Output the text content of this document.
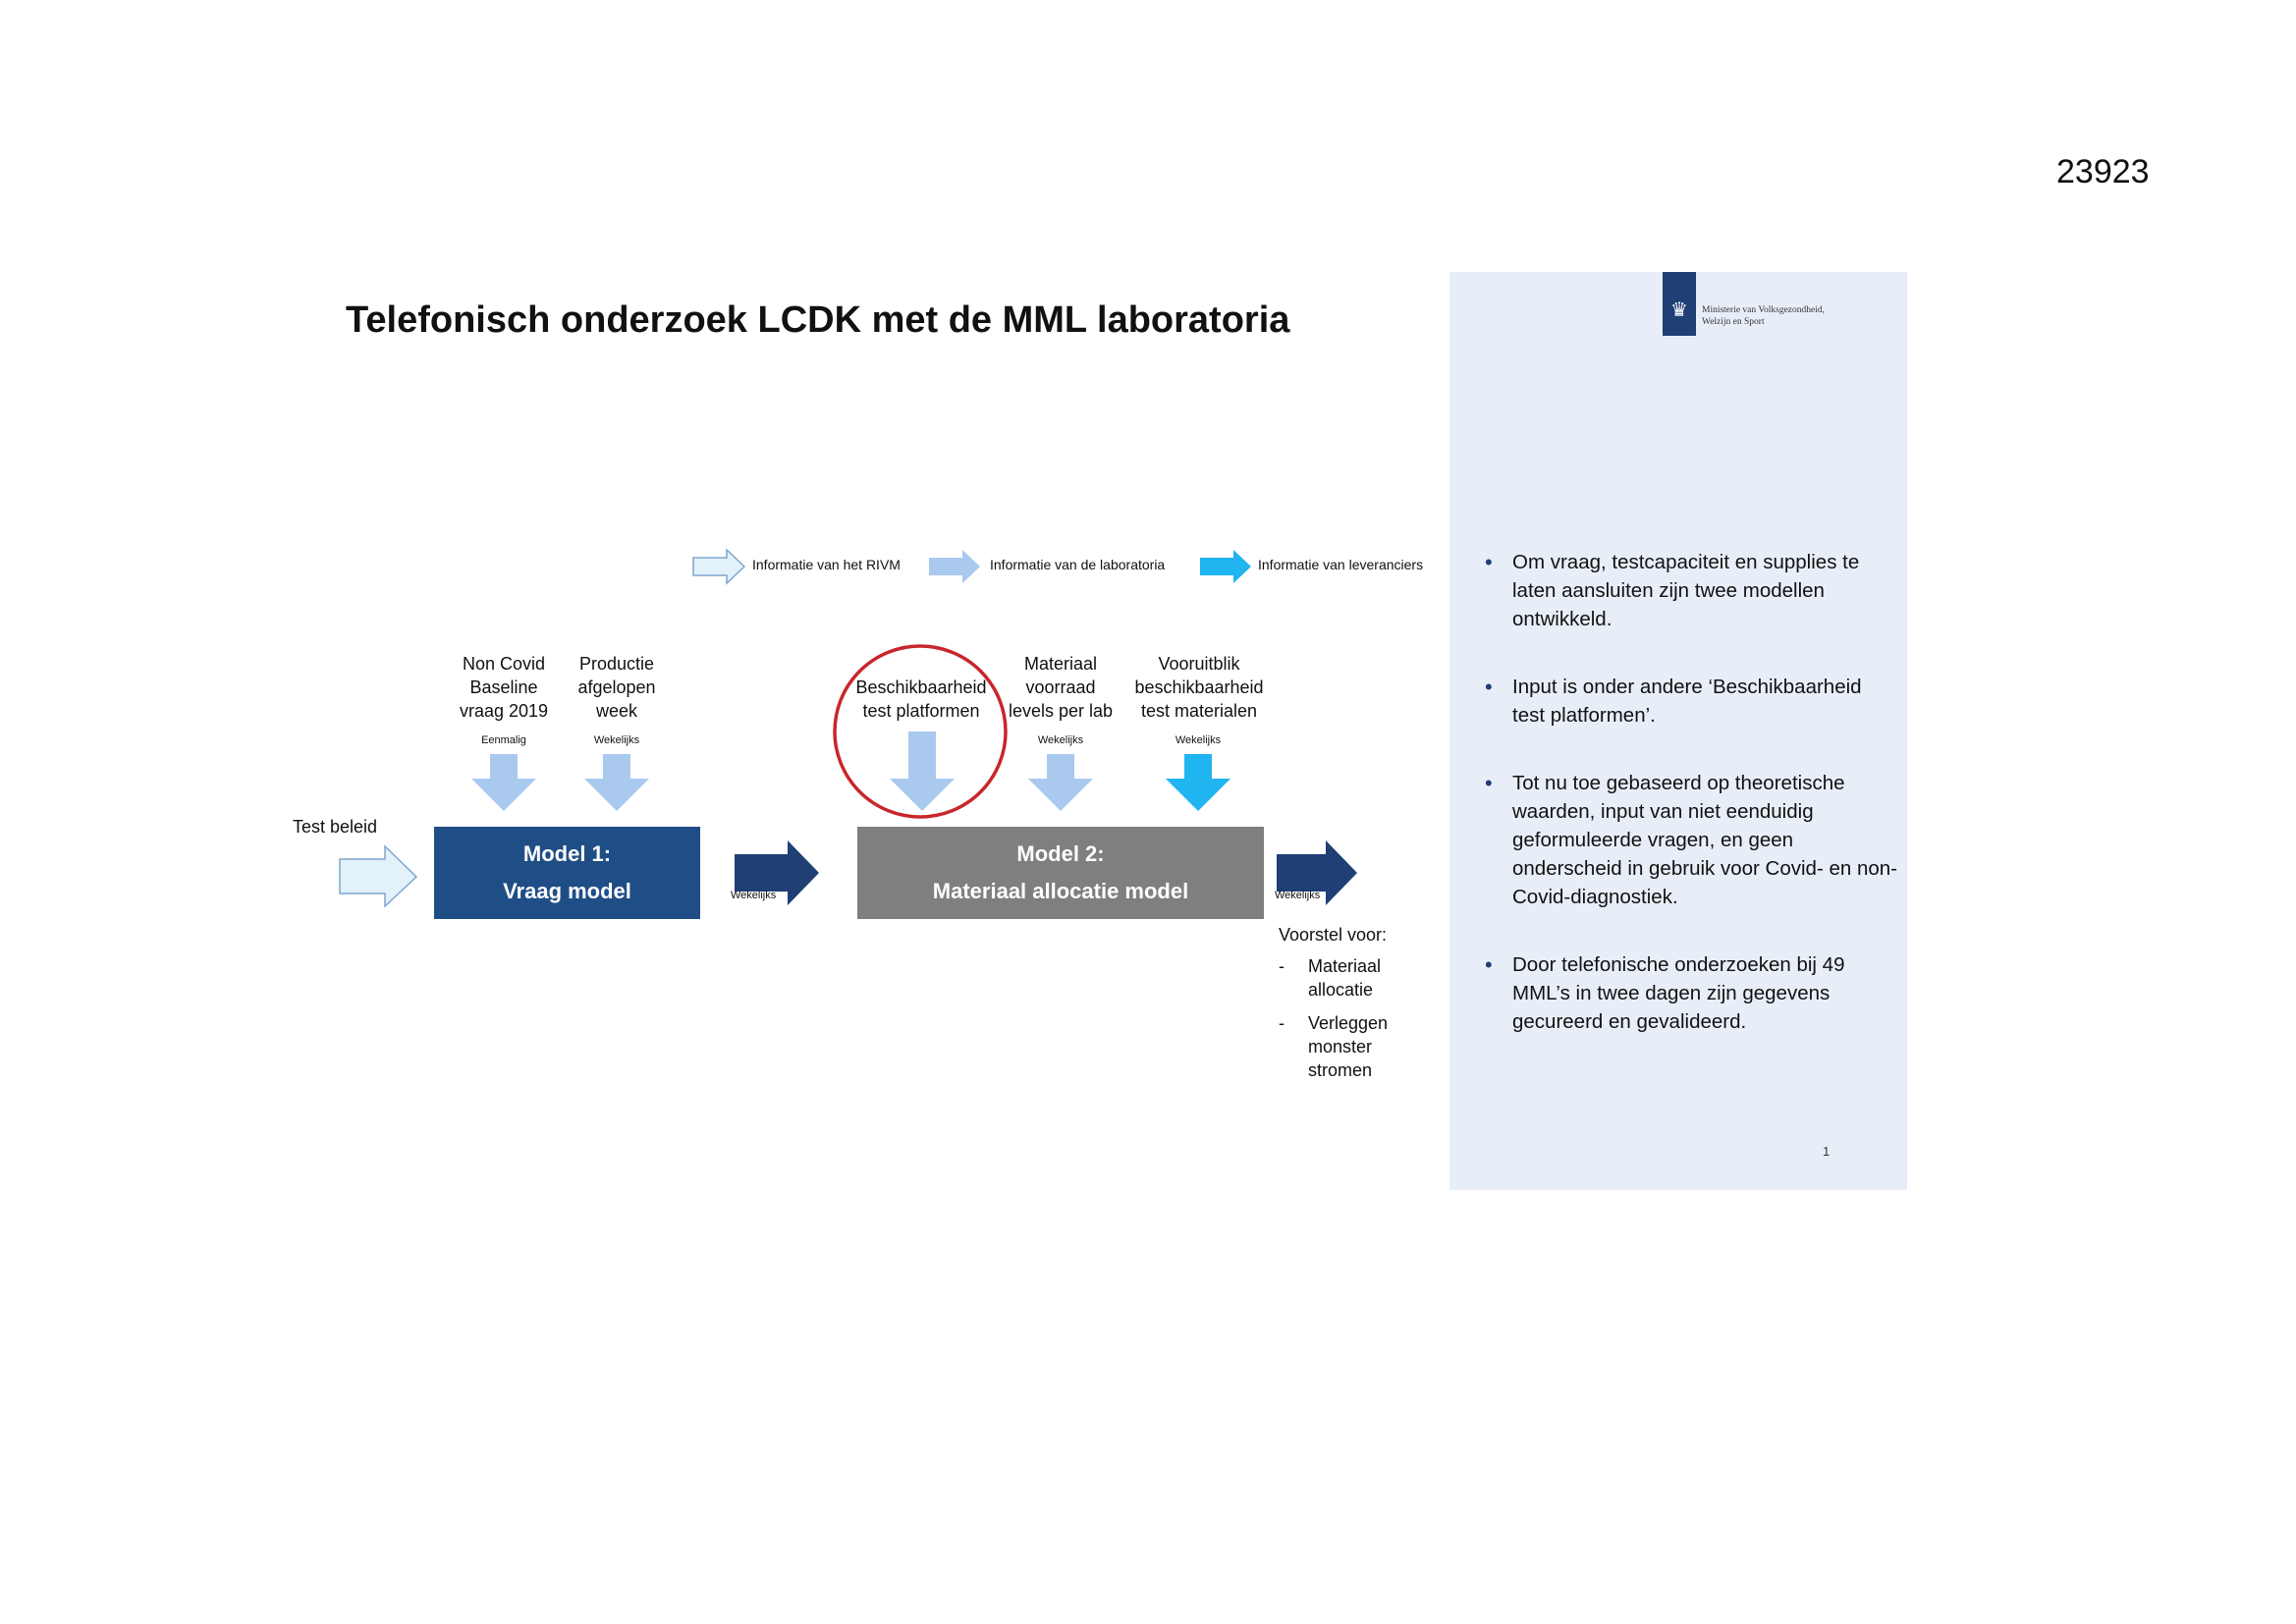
23923
♛	Ministerie van Volksgezondheid,
Welzijn en Sport
Telefonisch onderzoek LCDK met de MML laboratoria
Informatie van het RIVM	Informatie van de laboratoria	Informatie van leveranciers
Non Covid
Baseline
vraag 2019
Eenmalig
Productie
afgelopen
week
Wekelijks
Beschikbaarheid
test platformen
Materiaal
voorraad
levels per lab
Wekelijks
Vooruitblik
beschikbaarheid
test materialen
Wekelijks
Test beleid
Model 1:
Vraag model
Model 2:
Materiaal allocatie model
Wekelijks	Wekelijks
Voorstel voor:
- Materiaal
allocatie
- Verleggen
monster
stromen
• Om vraag, testcapaciteit en supplies te laten aansluiten zijn twee modellen ontwikkeld.
• Input is onder andere ‘Beschikbaarheid test platformen’.
• Tot nu toe gebaseerd op theoretische waarden, input van niet eenduidig geformuleerde vragen, en geen onderscheid in gebruik voor Covid- en non-Covid-diagnostiek.
• Door telefonische onderzoeken bij 49 MML’s in twee dagen zijn gegevens gecureerd en gevalideerd.
1
